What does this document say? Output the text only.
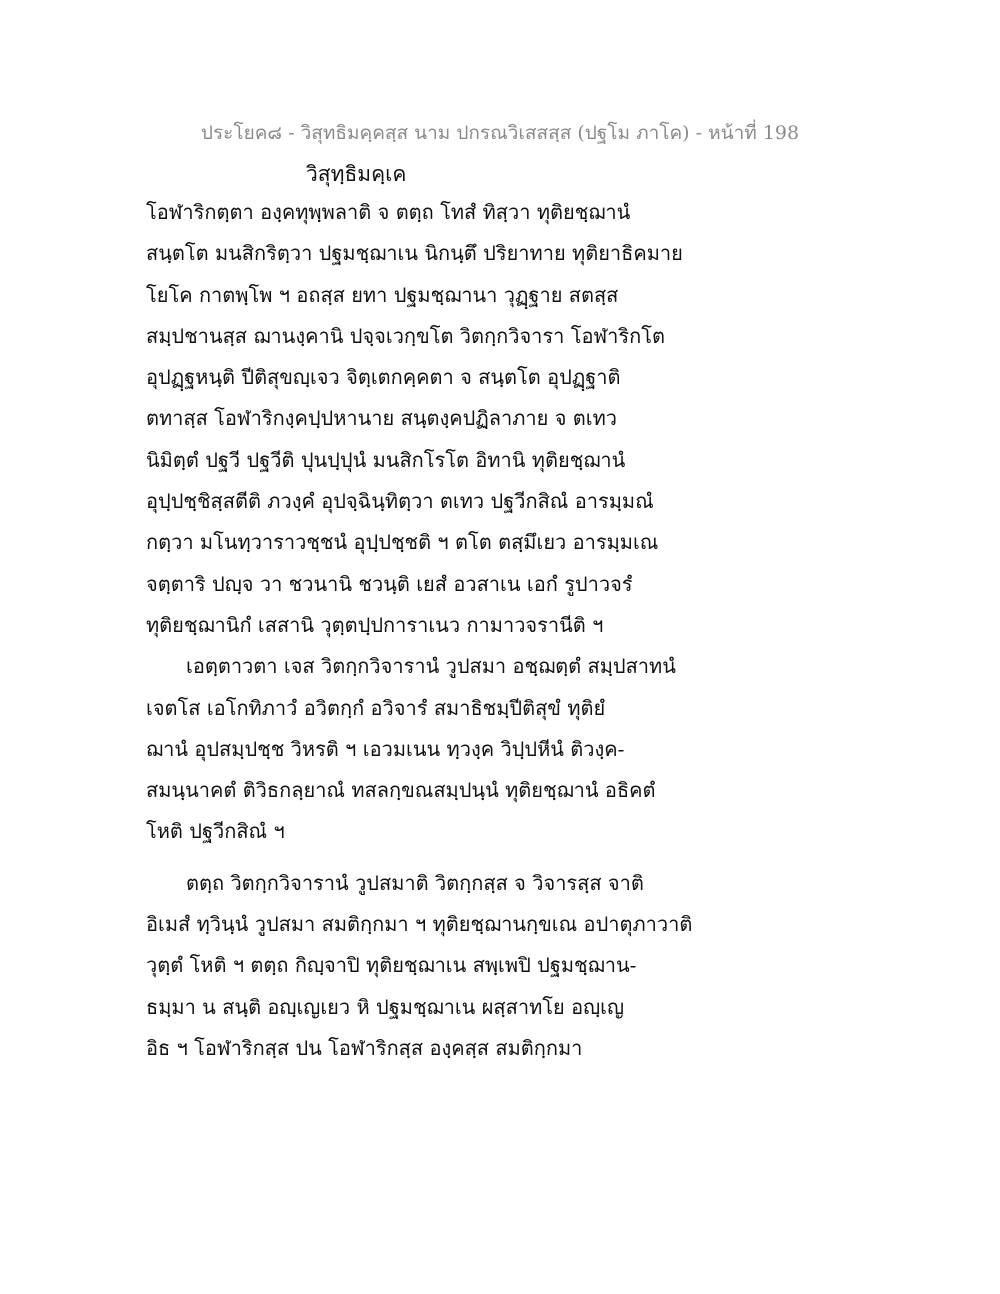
ประโยค๘ - วิสุทธิมคฺคสฺส นาม ปกรณวิเสสสฺส (ปฐโม ภาโค) - หน้าที่ 198
วิสุทฺธิมคฺเค
โอฬาริกตฺตา องฺคทุพฺพลาติ จ ตตฺถ โทสํ ทิสฺวา ทุติยชฺฌานํ
สนฺตโต มนสิกริตฺวา ปฐมชฺฌาเน นิกนฺตึ ปริยาทาย ทุติยาธิคมาย
โยโค กาตพฺโพ ฯ อถสฺส ยทา ปฐมชฺฌานา วุฏฺฐาย สตสฺส
สมฺปชานสฺส ฌานงฺคานิ ปจฺจเวกฺขโต วิตกฺกวิจารา โอฬาริกโต
อุปฏฺฐหนฺติ ปีติสุขญฺเจว จิตฺเตกคฺคตา จ สนฺตโต อุปฏฺฐาติ
ตทาสฺส โอฬาริกงฺคปฺปหานาย สนฺตงฺคปฏิลาภาย จ ตเทว
นิมิตฺตํ ปฐวี ปฐวีติ ปุนปฺปุนํ มนสิกโรโต อิทานิ ทุติยชฺฌานํ
อุปฺปชฺชิสฺสตีติ ภวงฺคํ อุปจฺฉินฺทิตฺวา ตเทว ปฐวีกสิณํ อารมฺมณํ
กตฺวา มโนทฺวาราวชฺชนํ อุปฺปชฺชติ ฯ ตโต ตสฺมึเยว อารมฺมเณ
จตฺตาริ ปญฺจ วา ชวนานิ ชวนฺติ เยสํ อวสาเน เอกํ รูปาวจรํ
ทุติยชฺฌานิกํ เสสานิ วุตฺตปฺปการาเนว กามาวจรานีติ ฯ
เอตฺตาวตา เจส วิตกฺกวิจารานํ วูปสมา อชฺฌตฺตํ สมฺปสาทนํ
เจตโส เอโกทิภาวํ อวิตกฺกํ อวิจารํ สมาธิชมฺปีติสุขํ ทุติยํ
ฌานํ อุปสมฺปชฺช วิหรติ ฯ เอวมเนน ทฺวงฺค วิปฺปหีนํ ติวงฺค-
สมนฺนาคตํ ติวิธกลฺยาณํ ทสลกฺขณสมฺปนฺนํ ทุติยชฺฌานํ อธิคตํ
โหติ ปฐวีกสิณํ ฯ
ตตฺถ วิตกฺกวิจารานํ วูปสมาติ วิตกฺกสฺส จ วิจารสฺส จาติ
อิเมสํ ทฺวินฺนํ วูปสมา สมติกฺกมา ฯ ทุติยชฺฌานกฺขเณ อปาตุภาวาติ
วุตฺตํ โหติ ฯ ตตฺถ กิญฺจาปิ ทุติยชฺฌาเน สพฺเพปิ ปฐมชฺฌาน-
ธมฺมา น สนฺติ อญฺเญเยว หิ ปฐมชฺฌาเน ผสฺสาทโย อญฺเญ
อิธ ฯ โอฬาริกสฺส ปน โอฬาริกสฺส องฺคสฺส สมติกฺกมา
